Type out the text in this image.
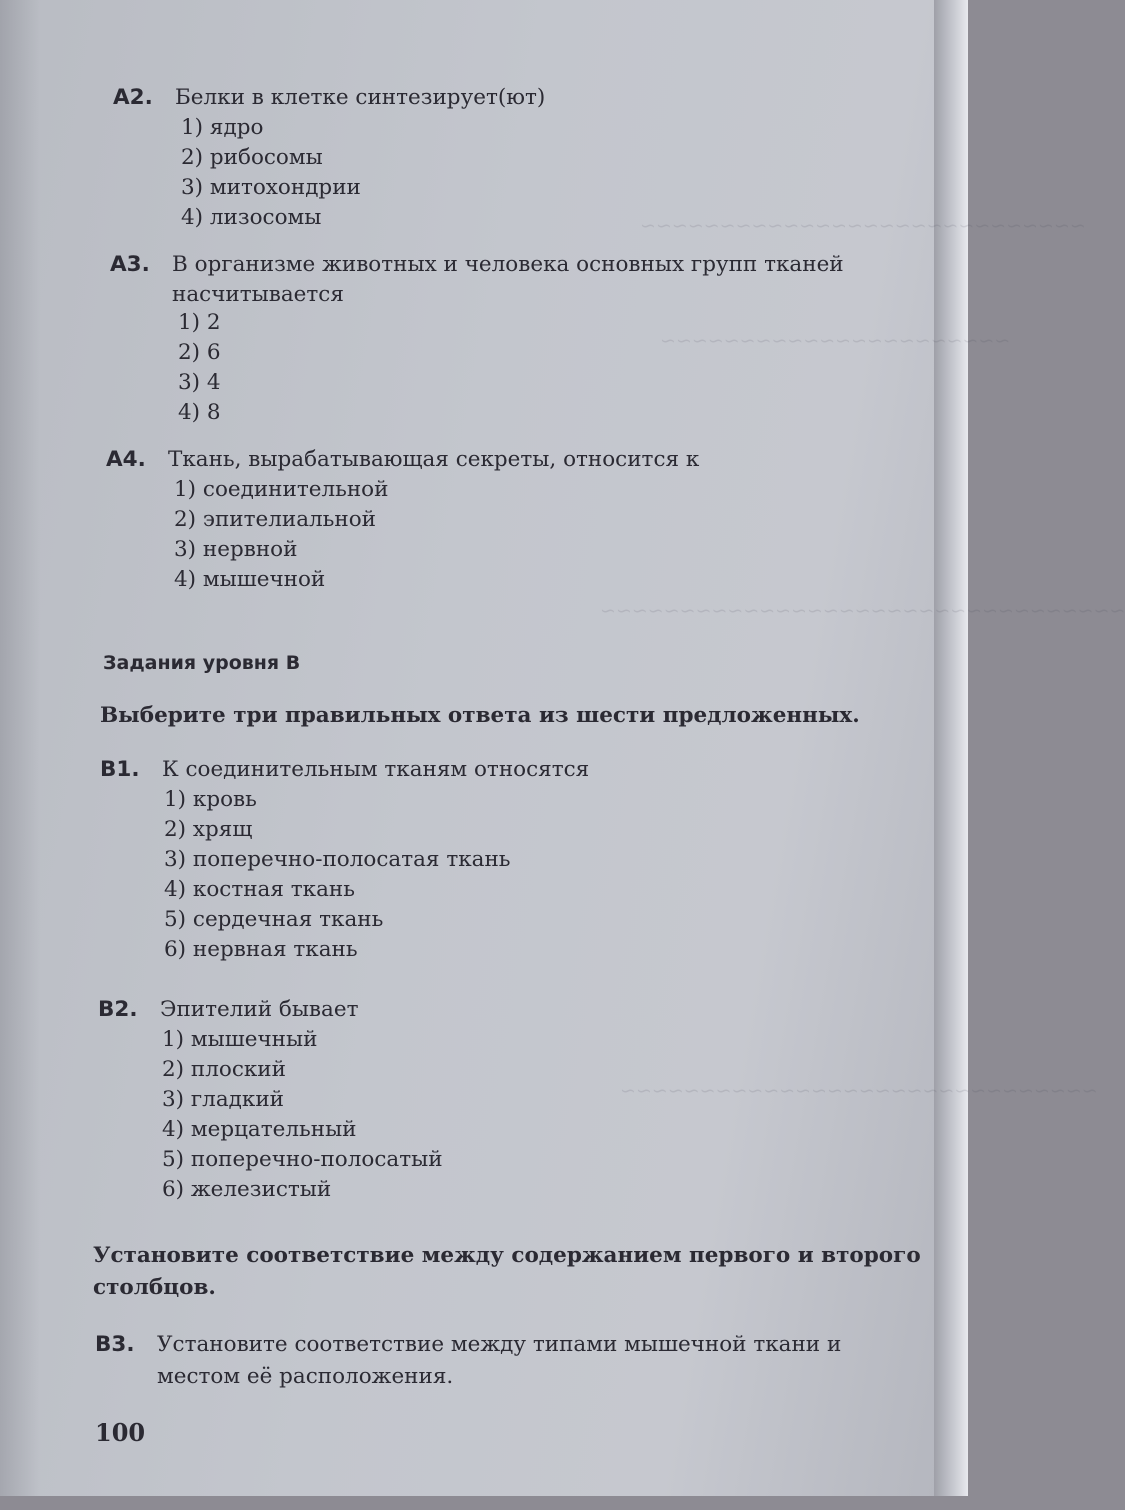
~~~~~~~~~~~~~~~~~~~~~~~~~~~~
~~~~~~~~~~~~~~~~~~~~~~
~~~~~~~~~~~~~~~~~~~~~~~~~~~~~~~~~
~~~~~~~~~~~~~~~~~~~~~~~~~~~~~~
A2. Белки в клетке синтезирует(ют)
1) ядро
2) рибосомы
3) митохондрии
4) лизосомы
A3. В организме животных и человека основных групп тканей
насчитывается
1) 2
2) 6
3) 4
4) 8
A4. Ткань, вырабатывающая секреты, относится к
1) соединительной
2) эпителиальной
3) нервной
4) мышечной
Задания уровня В
Выберите три правильных ответа из шести предложенных.
B1. К соединительным тканям относятся
1) кровь
2) хрящ
3) поперечно-полосатая ткань
4) костная ткань
5) сердечная ткань
6) нервная ткань
B2. Эпителий бывает
1) мышечный
2) плоский
3) гладкий
4) мерцательный
5) поперечно-полосатый
6) железистый
Установите соответствие между содержанием первого и второго
столбцов.
B3. Установите соответствие между типами мышечной ткани и
местом её расположения.
100
